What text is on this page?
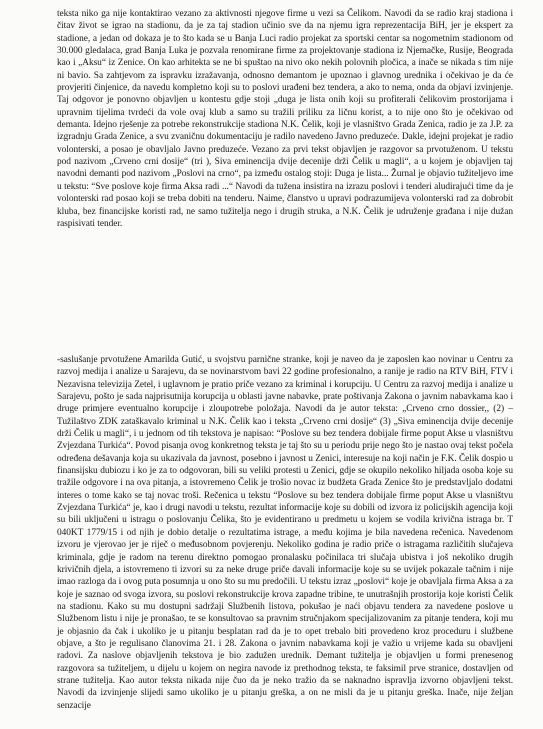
teksta niko ga nije kontaktirao vezano za aktivnosti njegove firme u vezi sa Čelikom. Navodi da se radio kraj stadiona i čitav život se igrao na stadionu, da je za taj stadion učinio sve da na njemu igra reprezentacija BiH, jer je ekspert za stadione, a jedan od dokaza je to što kada se u Banja Luci radio projekat za sportski centar sa nogometnim stadionom od 30.000 gledalaca, grad Banja Luka je pozvala renomirane firme za projektovanje stadiona iz Njemačke, Rusije, Beograda kao i „Aksu“ iz Zenice. On kao arhitekta se ne bi spuštao na nivo oko nekih polovnih pločica, a inače se nikada s tim nije ni bavio. Sa zahtjevom za ispravku izražavanja, odnosno demantom je upoznao i glavnog urednika i očekivao je da će provjeriti činjenice, da navedu kompletno koji su to poslovi urađeni bez tendera, a ako to nema, onda da objavi izvinjenje. Taj odgovor je ponovno objavljen u kontestu gdje stoji „duga je lista onih koji su profiterali čelikovim prostorijama i upravnim tijelima tvrdeći da vole ovaj klub a samo su tražili priliku za ličnu korist, a to nije ono što je očekivao od demanta. Idejno rješenje za potrebe rekonstrukcije stadiona N.K. Čelik, koji je vlasništvo Grada Zenica, radio je za J.P. za izgradnju Grada Zenice, a svu zvaničnu dokumentaciju je radilo navedeno Javno preduzeće. Dakle, idejni projekat je radio volonterski, a posao je obavljalo Javno preduzeće. Vezano za prvi tekst objavljen je razgovor sa prvotuženom. U tekstu pod nazivom „Crveno crni dosije“ (tri ), Siva eminencija dvije decenije drži Čelik u magli“, a u kojem je objavljen taj navodni demanti pod nazivom „Poslovi na crno“, pa između ostalog stoji: Duga je lista... Žurnal je objavio tužiteljevo ime u tekstu: “Sve poslove koje firma Aksa radi ...“ Navodi da tužena insistira na izrazu poslovi i tenderi aludirajući time da je volonterski rad posao koji se treba dobiti na tenderu. Naime, članstvo u upravi podrazumijeva volonterski rad za dobrobit kluba, bez financijske koristi rad, ne samo tužitelja nego i drugih struka, a N.K. Čelik je udruženje građana i nije dužan raspisivati tender.

-saslušanje prvotužene Amarilda Gutić, u svojstvu parnične stranke, koji je naveo da je zaposlen kao novinar u Centru za razvoj medija i analize u Sarajevu, da se novinarstvom bavi 22 godine profesionalno, a ranije je radio na RTV BiH, FTV i Nezavisna televizija Zetel, i uglavnom je pratio priče vezano za kriminal i korupciju. U Centru za razvoj medija i analize u Sarajevu, pošto je sada najprisutnija korupcija u oblasti javne nabavke, prate poštivanja Zakona o javnim nabavkama kao i druge primjere eventualno korupcije i zloupotrebe položaja. Navodi da je autor teksta: „Crveno crno dossier,, (2) –Tužilaštvo ZDK zataškavalo kriminal u N.K. Čelik kao i teksta „Crveno crni dosije“ (3) „Siva eminencija dvije decenije drži Čelik u magli“, i u jednom od tih tekstova je napisao: “Poslove su bez tendera dobijale firme poput Akse u vlasništvu Zvjezdana Turkića“. Povod pisanja ovog konkretnog teksta je taj što su u periodu prije nego što je nastao ovaj tekst počela određena dešavanja koja su ukazivala da javnost, posebno i javnost u Zenici, interesuje na koji način je F.K. Čelik dospio u finansijsku dubiozu i ko je za to odgovoran, bili su veliki protesti u Zenici, gdje se okupilo nekoliko hiljada osoba koje su tražile odgovore i na ova pitanja, a istovremeno Čelik je trošio novac iz budžeta Grada Zenice što je predstavljalo dodatni interes o tome kako se taj novac troši. Rečenica u tekstu “Poslove su bez tendera dobijale firme poput Akse u vlasništvu Zvjezdana Turkića“ je, kao i drugi navodi u tekstu, rezultat informacije koje su dobili od izvora iz policijskih agencija koji su bili uključeni u istragu o poslovanju Čelika, što je evidentirano u predmetu u kojem se vodila krivična istraga br. T 040KT 1779/15 i od njih je dobio detalje o rezultatima istrage, a među kojima je bila navedena rečenica. Navedenom izvoru je vjerovao jer je riječ o međusobnom povjerenju. Nekoliko godina je radio priče o istragama različitih slučajeva kriminala, gdje je radom na terenu direktno pomogao pronalasku počinilaca tri slučaja ubistva i još nekoliko drugih krivičnih djela, a istovremeno ti izvori su za neke druge priče davali informacije koje su se uvijek pokazale tačnim i nije imao razloga da i ovog puta posumnja u ono što su mu predočili. U tekstu izraz „poslovi“ koje je obavljala firma Aksa a za koje je saznao od svoga izvora, su poslovi rekonstrukcije krova zapadne tribine, te unutrašnjih prostorija koje koristi Čelik na stadionu. Kako su mu dostupni sadržaji Službenih listova, pokušao je naći objavu tendera za navedene poslove u Službenom listu i nije je pronašao, te se konsultovao sa pravnim stručnjakom specijalizovanim za pitanje tendera, koji mu je objasnio da čak i ukoliko je u pitanju besplatan rad da je to opet trebalo biti provedeno kroz proceduru i službene objave, a što je regulisano članovima 21. i 28. Zakona o javnim nabavkama koji je važio u vrijeme kada su obavljeni radovi. Za naslove objavljenih tekstova je bio zadužen urednik. Demant tužitelja je objavljen u formi prenesenog razgovora sa tužiteljem, u dijelu u kojem on negira navode iz prethodnog teksta, te faksimil prve stranice, dostavljen od strane tužitelja. Kao autor teksta nikada nije čuo da je neko tražio da se naknadno ispravlja izvorno objavljeni tekst. Navodi da izvinjenje slijedi samo ukoliko je u pitanju greška, a on ne misli da je u pitanju greška. Inače, nije željan senzacije
